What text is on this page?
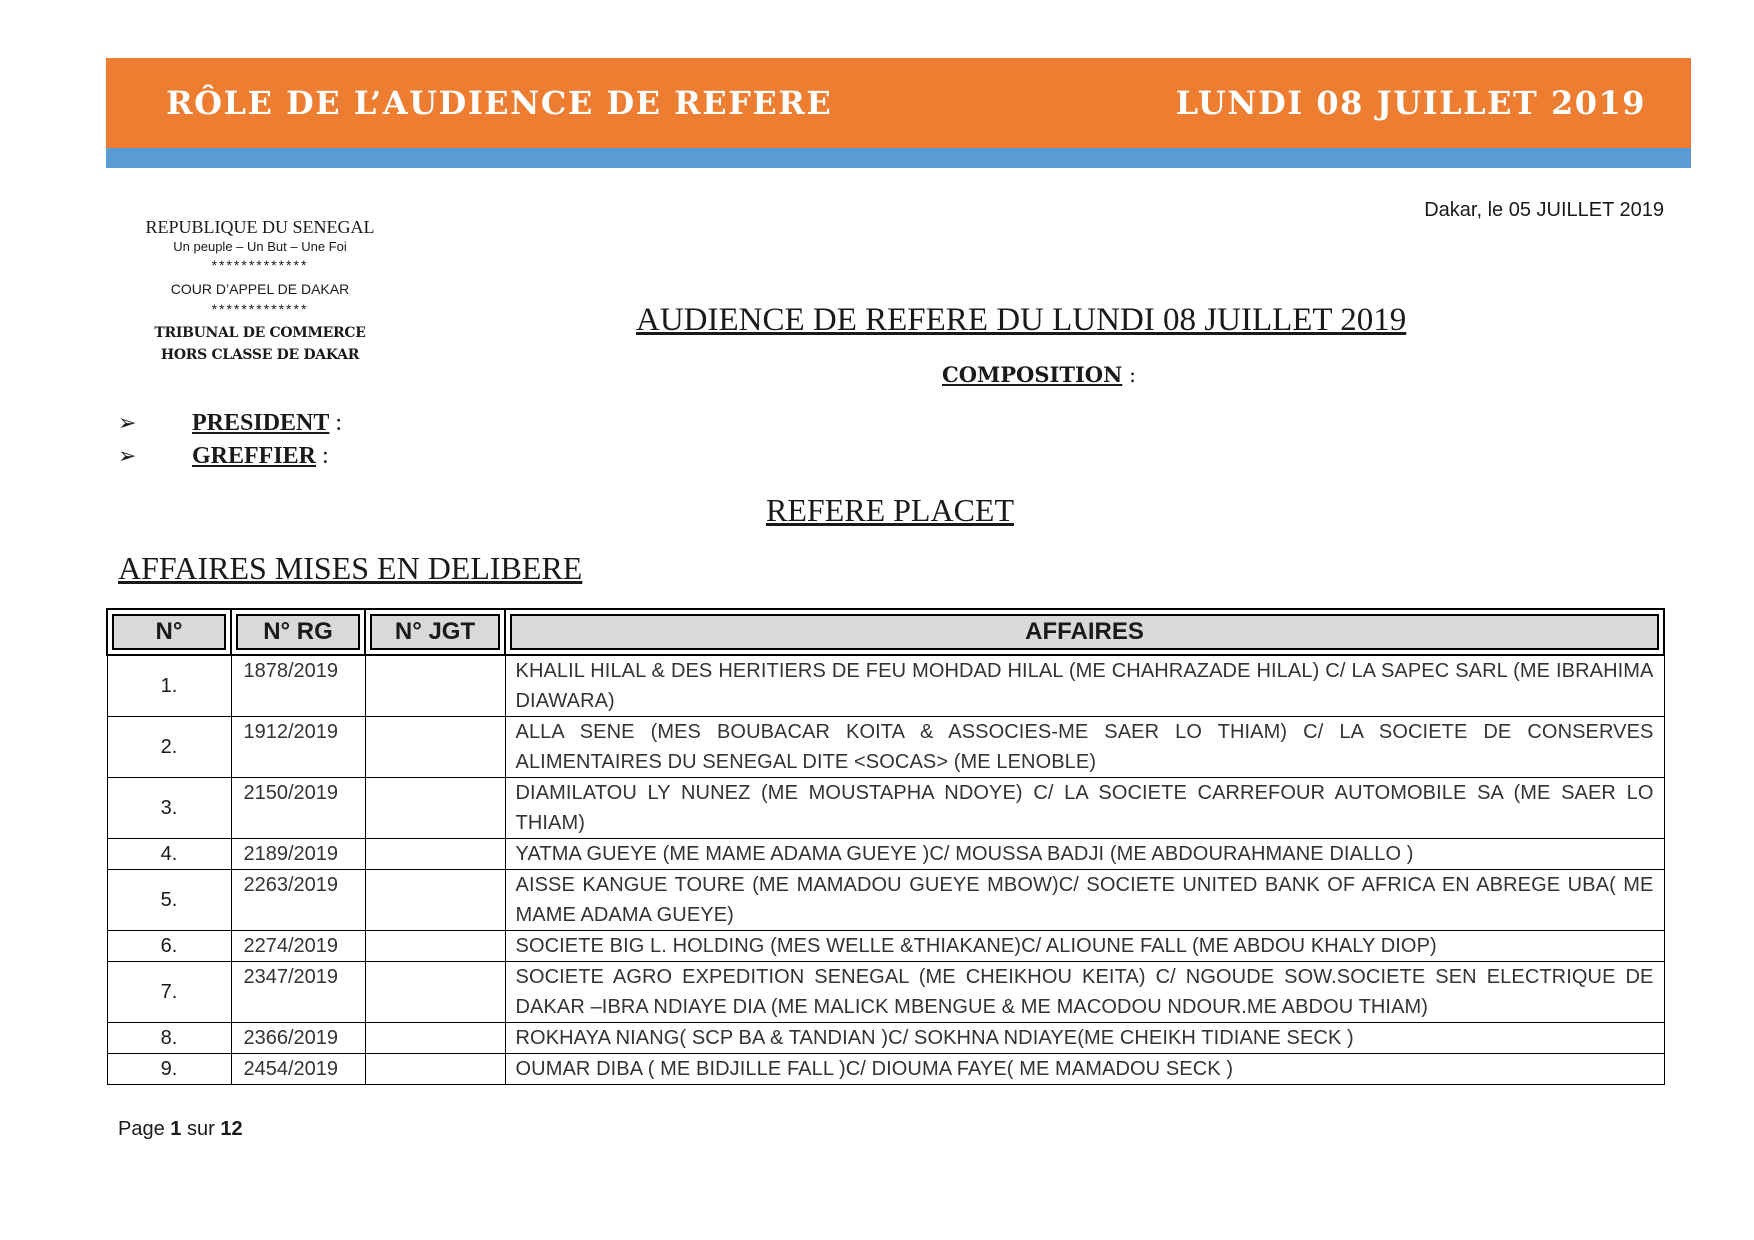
RÔLE DE L’AUDIENCE DE REFERE	LUNDI 08 JUILLET 2019
Dakar, le 05 JUILLET 2019
REPUBLIQUE DU SENEGAL
Un peuple – Un But – Une Foi
*************
COUR D’APPEL DE DAKAR
*************
TRIBUNAL DE COMMERCE
HORS CLASSE DE DAKAR
AUDIENCE DE REFERE DU LUNDI 08 JUILLET 2019
COMPOSITION :
➢ PRESIDENT :
➢ GREFFIER :
REFERE PLACET
AFFAIRES MISES EN DELIBERE
N°	N° RG	N° JGT	AFFAIRES

1.	1878/2019		KHALIL HILAL & DES HERITIERS DE FEU MOHDAD HILAL (ME CHAHRAZADE HILAL) C/ LA SAPEC SARL (ME IBRAHIMA DIAWARA)
2.	1912/2019		ALLA SENE (MES BOUBACAR KOITA & ASSOCIES-ME SAER LO THIAM) C/ LA SOCIETE DE CONSERVES ALIMENTAIRES DU SENEGAL DITE <SOCAS> (ME LENOBLE)
3.	2150/2019		DIAMILATOU LY NUNEZ (ME MOUSTAPHA NDOYE) C/ LA SOCIETE CARREFOUR AUTOMOBILE SA (ME SAER LO THIAM)
4.	2189/2019		YATMA GUEYE (ME MAME ADAMA GUEYE )C/ MOUSSA BADJI (ME ABDOURAHMANE DIALLO )
5.	2263/2019		AISSE KANGUE TOURE (ME MAMADOU GUEYE MBOW)C/ SOCIETE UNITED BANK OF AFRICA EN ABREGE UBA( ME MAME ADAMA GUEYE)
6.	2274/2019		SOCIETE BIG L. HOLDING (MES WELLE &THIAKANE)C/ ALIOUNE FALL (ME ABDOU KHALY DIOP)
7.	2347/2019		SOCIETE AGRO EXPEDITION SENEGAL (ME CHEIKHOU KEITA) C/ NGOUDE SOW.SOCIETE SEN ELECTRIQUE DE DAKAR –IBRA NDIAYE DIA (ME MALICK MBENGUE & ME MACODOU NDOUR.ME ABDOU THIAM)
8.	2366/2019		ROKHAYA NIANG( SCP BA & TANDIAN )C/ SOKHNA NDIAYE(ME CHEIKH TIDIANE SECK )
9.	2454/2019		OUMAR DIBA ( ME BIDJILLE FALL )C/ DIOUMA FAYE( ME MAMADOU SECK )
Page 1 sur 12
